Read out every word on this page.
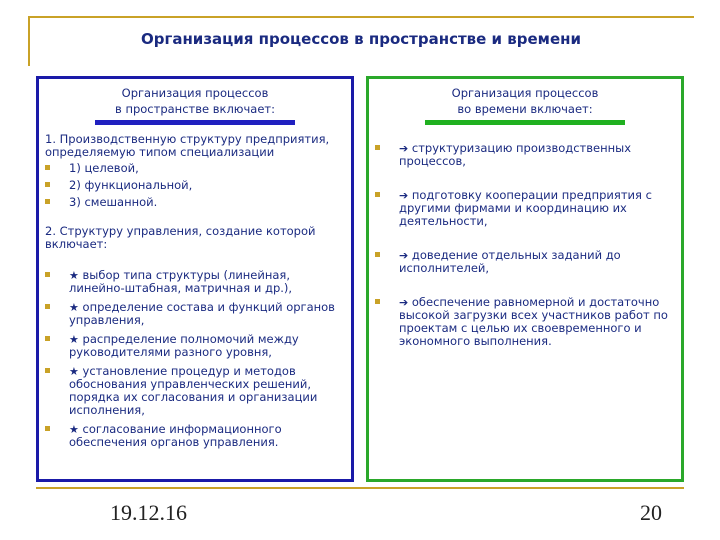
Организация процессов в пространстве и времени
Организация процессов
в пространстве включает:
1. Производственную структуру предприятия, определяемую типом специализации
1) целевой,
2) функциональной,
3) смешанной.
2. Структуру управления, создание которой включает:
★ выбор типа структуры (линейная, линейно-штабная, матричная и др.),
★ определение состава и функций органов управления,
★ распределение полномочий между руководителями разного уровня,
★ установление процедур и методов обоснования управленческих решений, порядка их согласования и организации исполнения,
★ согласование информационного обеспечения органов управления.
Организация процессов
во времени включает:
➔ структуризацию производственных процессов,
➔ подготовку кооперации предприятия с другими фирмами и координацию их деятельности,
➔ доведение отдельных заданий до исполнителей,
➔ обеспечение равномерной и достаточно высокой загрузки всех участников работ по проектам с целью их своевременного и экономного выполнения.
19.12.16	20
